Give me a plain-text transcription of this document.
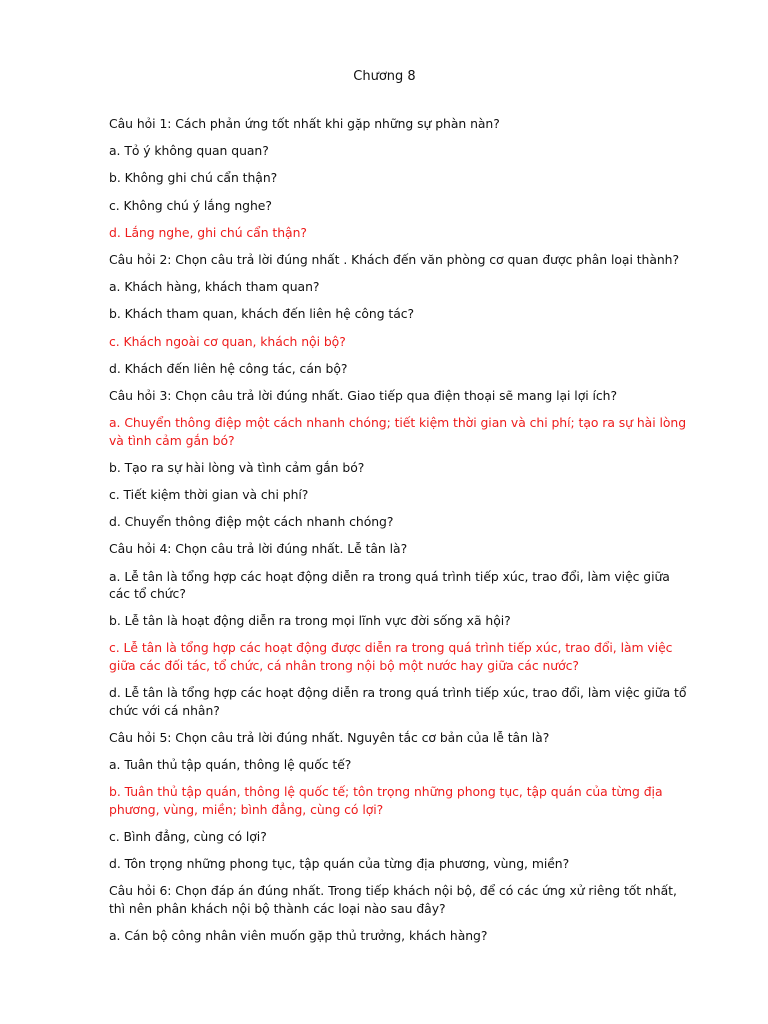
Chương 8

Câu hỏi 1: Cách phản ứng tốt nhất khi gặp những sự phàn nàn?

a. Tỏ ý không quan quan?

b. Không ghi chú cẩn thận?

c. Không chú ý lắng nghe?

d. Lắng nghe, ghi chú cẩn thận?

Câu hỏi 2: Chọn câu trả lời đúng nhất . Khách đến văn phòng cơ quan được phân loại thành?

a. Khách hàng, khách tham quan?

b. Khách tham quan, khách đến liên hệ công tác?

c. Khách ngoài cơ quan, khách nội bộ?

d. Khách đến liên hệ công tác, cán bộ?

Câu hỏi 3: Chọn câu trả lời đúng nhất. Giao tiếp qua điện thoại sẽ mang lại lợi ích?

a. Chuyển thông điệp một cách nhanh chóng; tiết kiệm thời gian và chi phí; tạo ra sự hài lòng và tình cảm gắn bó?

b. Tạo ra sự hài lòng và tình cảm gắn bó?

c. Tiết kiệm thời gian và chi phí?

d. Chuyển thông điệp một cách nhanh chóng?

Câu hỏi 4: Chọn câu trả lời đúng nhất. Lễ tân là?

a. Lễ tân là tổng hợp các hoạt động diễn ra trong quá trình tiếp xúc, trao đổi, làm việc giữa các tổ chức?

b. Lễ tân là hoạt động diễn ra trong mọi lĩnh vực đời sống xã hội?

c. Lễ tân là tổng hợp các hoạt động được diễn ra trong quá trình tiếp xúc, trao đổi, làm việc giữa các đối tác, tổ chức, cá nhân trong nội bộ một nước hay giữa các nước?

d. Lễ tân là tổng hợp các hoạt động diễn ra trong quá trình tiếp xúc, trao đổi, làm việc giữa tổ chức với cá nhân?

Câu hỏi 5: Chọn câu trả lời đúng nhất. Nguyên tắc cơ bản của lễ tân là?

a. Tuân thủ tập quán, thông lệ quốc tế?

b. Tuân thủ tập quán, thông lệ quốc tế; tôn trọng những phong tục, tập quán của từng địa phương, vùng, miền; bình đẳng, cùng có lợi?

c. Bình đẳng, cùng có lợi?

d. Tôn trọng những phong tục, tập quán của từng địa phương, vùng, miền?

Câu hỏi 6: Chọn đáp án đúng nhất. Trong tiếp khách nội bộ, để có các ứng xử riêng tốt nhất, thì nên phân khách nội bộ thành các loại nào sau đây?

a. Cán bộ công nhân viên muốn gặp thủ trưởng, khách hàng?
